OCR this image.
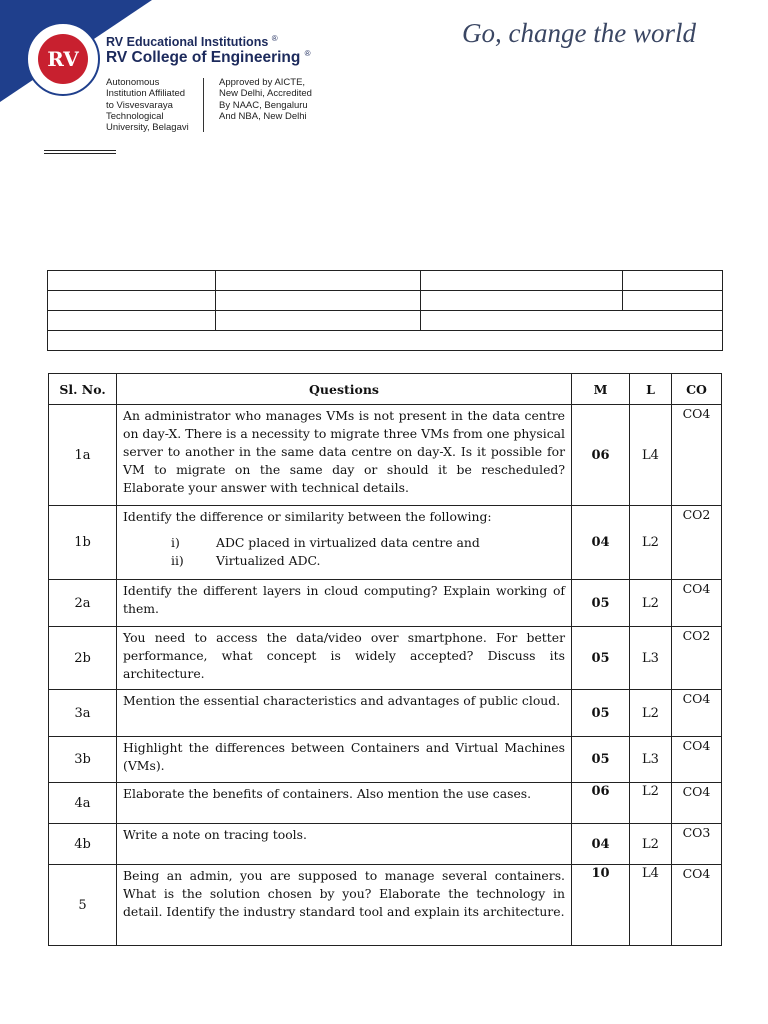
RV
RV Educational Institutions ®
RV College of Engineering ®
Autonomous
Institution Affiliated
to Visvesvaraya
Technological
University, Belagavi
Approved by AICTE,
New Delhi, Accredited
By NAAC, Bengaluru
And NBA, New Delhi
Go, change the world

Sl. No.	Questions	M	L	CO
1a	An administrator who manages VMs is not present in the data centre on day-X. There is a necessity to migrate three VMs from one physical server to another in the same data centre on day-X. Is it possible for VM to migrate on the same day or should it be rescheduled? Elaborate your answer with technical details.	06	L4	CO4
1b	Identify the difference or similarity between the following:
i) ADC placed in virtualized data centre and
ii) Virtualized ADC.	04	L2	CO2
2a	Identify the different layers in cloud computing? Explain working of them.	05	L2	CO4
2b	You need to access the data/video over smartphone. For better performance, what concept is widely accepted? Discuss its architecture.	05	L3	CO2
3a	Mention the essential characteristics and advantages of public cloud.	05	L2	CO4
3b	Highlight the differences between Containers and Virtual Machines (VMs).	05	L3	CO4
4a	Elaborate the benefits of containers. Also mention the use cases.	06	L2	CO4
4b	Write a note on tracing tools.	04	L2	CO3
5	Being an admin, you are supposed to manage several containers. What is the solution chosen by you? Elaborate the technology in detail. Identify the industry standard tool and explain its architecture.	10	L4	CO4
